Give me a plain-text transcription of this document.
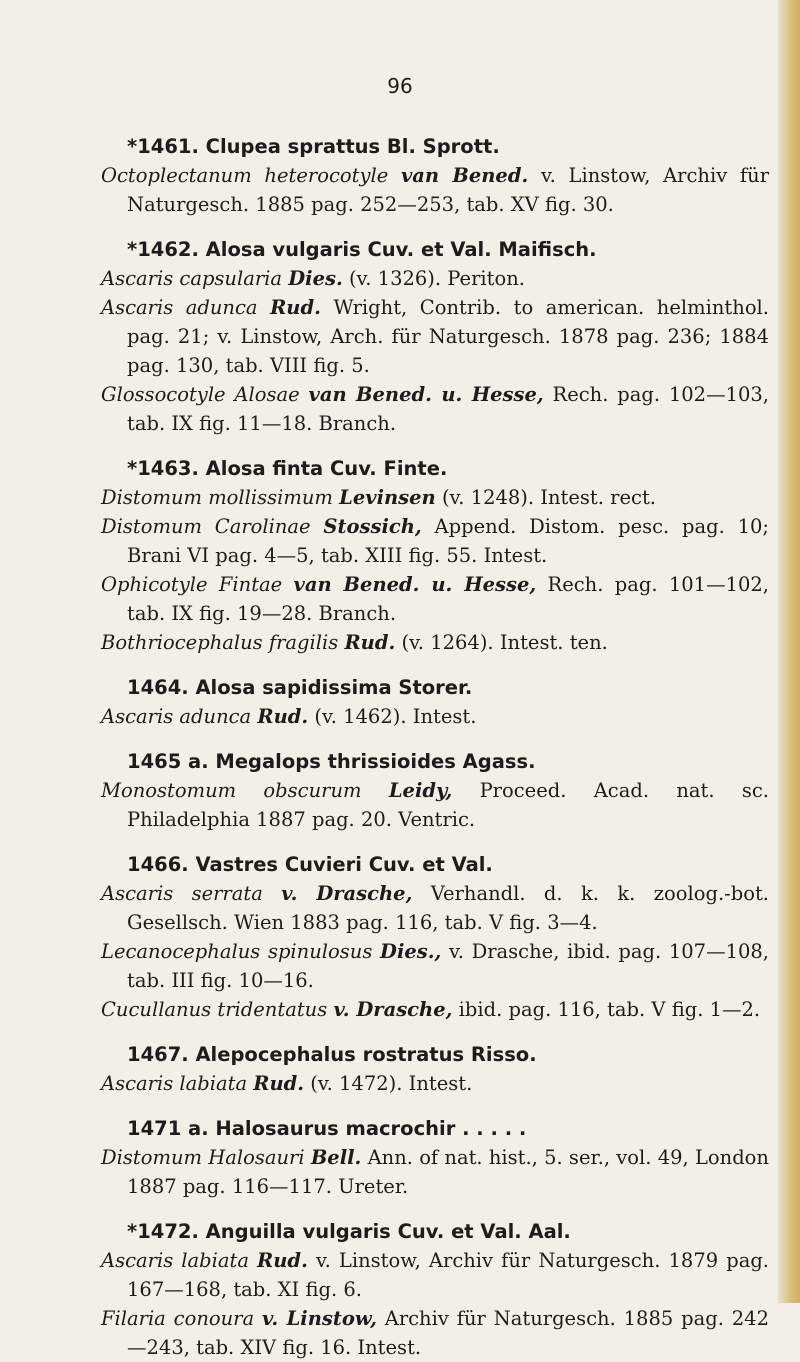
96
*1461. Clupea sprattus Bl. Sprott.
Octoplectanum heterocotyle van Bened. v. Linstow, Archiv für Naturgesch. 1885 pag. 252—253, tab. XV fig. 30.
*1462. Alosa vulgaris Cuv. et Val. Maifisch.
Ascaris capsularia Dies. (v. 1326). Periton.
Ascaris adunca Rud. Wright, Contrib. to american. helminthol. pag. 21; v. Linstow, Arch. für Naturgesch. 1878 pag. 236; 1884 pag. 130, tab. VIII fig. 5.
Glossocotyle Alosae van Bened. u. Hesse, Rech. pag. 102—103, tab. IX fig. 11—18. Branch.
*1463. Alosa finta Cuv. Finte.
Distomum mollissimum Levinsen (v. 1248). Intest. rect.
Distomum Carolinae Stossich, Append. Distom. pesc. pag. 10; Brani VI pag. 4—5, tab. XIII fig. 55. Intest.
Ophicotyle Fintae van Bened. u. Hesse, Rech. pag. 101—102, tab. IX fig. 19—28. Branch.
Bothriocephalus fragilis Rud. (v. 1264). Intest. ten.
1464. Alosa sapidissima Storer.
Ascaris adunca Rud. (v. 1462). Intest.
1465 a. Megalops thrissioides Agass.
Monostomum obscurum Leidy, Proceed. Acad. nat. sc. Philadelphia 1887 pag. 20. Ventric.
1466. Vastres Cuvieri Cuv. et Val.
Ascaris serrata v. Drasche, Verhandl. d. k. k. zoolog.-bot. Gesellsch. Wien 1883 pag. 116, tab. V fig. 3—4.
Lecanocephalus spinulosus Dies., v. Drasche, ibid. pag. 107—108, tab. III fig. 10—16.
Cucullanus tridentatus v. Drasche, ibid. pag. 116, tab. V fig. 1—2.
1467. Alepocephalus rostratus Risso.
Ascaris labiata Rud. (v. 1472). Intest.
1471 a. Halosaurus macrochir . . . . .
Distomum Halosauri Bell. Ann. of nat. hist., 5. ser., vol. 49, London 1887 pag. 116—117. Ureter.
*1472. Anguilla vulgaris Cuv. et Val. Aal.
Ascaris labiata Rud. v. Linstow, Archiv für Naturgesch. 1879 pag. 167—168, tab. XI fig. 6.
Filaria conoura v. Linstow, Archiv für Naturgesch. 1885 pag. 242—243, tab. XIV fig. 16. Intest.
